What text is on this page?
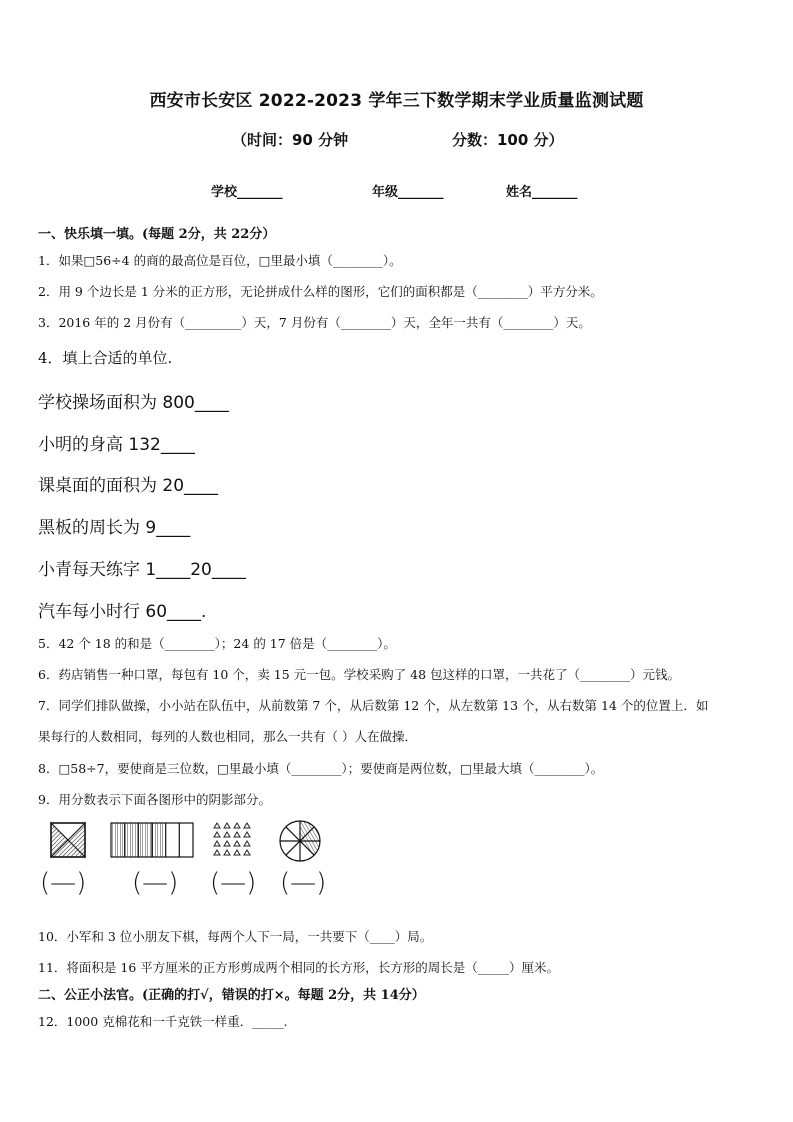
西安市长安区 2022-2023 学年三下数学期末学业质量监测试题
（时间：90 分钟	分数：100 分）
学校_______	年级_______	姓名_______
一、快乐填一填。(每题 2分，共 22分）
1．如果□56÷4 的商的最高位是百位，□里最小填（________）。
2．用 9 个边长是 1 分米的正方形，无论拼成什么样的图形，它们的面积都是（________）平方分米。
3．2016 年的 2 月份有（_________）天，7 月份有（________）天，全年一共有（________）天。
4．填上合适的单位.
学校操场面积为 800____
小明的身高 132____
课桌面的面积为 20____
黑板的周长为 9____
小青每天练字 1____20____
汽车每小时行 60____.
5．42 个 18 的和是（________）；24 的 17 倍是（________）。
6．药店销售一种口罩，每包有 10 个，卖 15 元一包。学校采购了 48 包这样的口罩，一共花了（________）元钱。
7．同学们排队做操，小小站在队伍中，从前数第 7 个，从后数第 12 个，从左数第 13 个，从右数第 14 个的位置上．如
果每行的人数相同，每列的人数也相同，那么一共有（ ）人在做操．
8．□58÷7，要使商是三位数，□里最小填（________）；要使商是两位数，□里最大填（________）。
9．用分数表示下面各图形中的阴影部分。
(—) (—) (—) (—)
10．小军和 3 位小朋友下棋，每两个人下一局，一共要下（____）局。
11．将面积是 16 平方厘米的正方形剪成两个相同的长方形，长方形的周长是（_____）厘米。
二、公正小法官。(正确的打√，错误的打×。每题 2分，共 14分）
12．1000 克棉花和一千克铁一样重．_____.
